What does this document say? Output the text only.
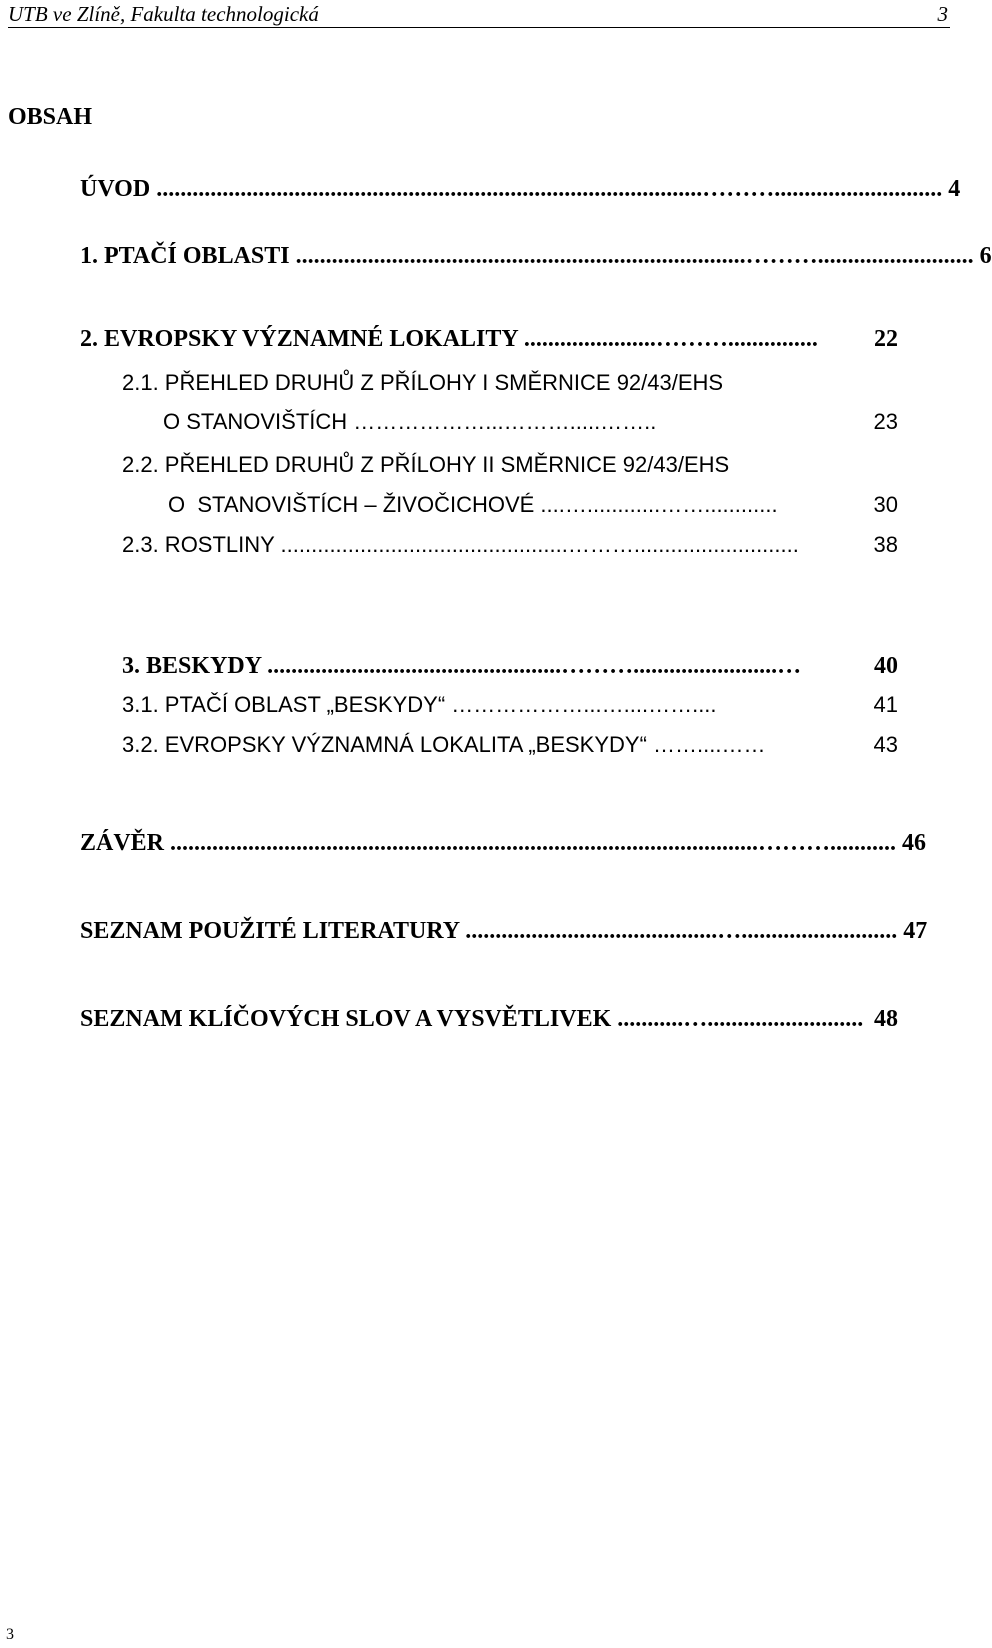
UTB ve Zlíně, Fakulta technologická	3
OBSAH
ÚVOD ...........................................................................................………............................ 4
1. PTAČÍ OBLASTI ...........................................................................……….......................... 6
2. EVROPSKY VÝZNAMNÉ LOKALITY ......................………...............	22
2.1. PŘEHLED DRUHŮ Z PŘÍLOHY I SMĚRNICE 92/43/EHS
O STANOVIŠTÍCH ………………...……….....……..	23
2.2. PŘEHLED DRUHŮ Z PŘÍLOHY II SMĚRNICE 92/43/EHS
O  STANOVIŠTÍCH – ŽIVOČICHOVÉ ....…............……............	30
2.3. ROSTLINY ...............................................………...........................	38
3. BESKYDY .................................................………........................…	40
3.1. PTAČÍ OBLAST „BESKYDY“ ………………...…....……....	41
3.2. EVROPSKY VÝZNAMNÁ LOKALITA „BESKYDY“ ……....……	43
ZÁVĚR ..................................................................................................………........... 46
SEZNAM POUŽITÉ LITERATURY ..........................................….......................... 47
SEZNAM KLÍČOVÝCH SLOV A VYSVĚTLIVEK ...........….......................... 48
3
